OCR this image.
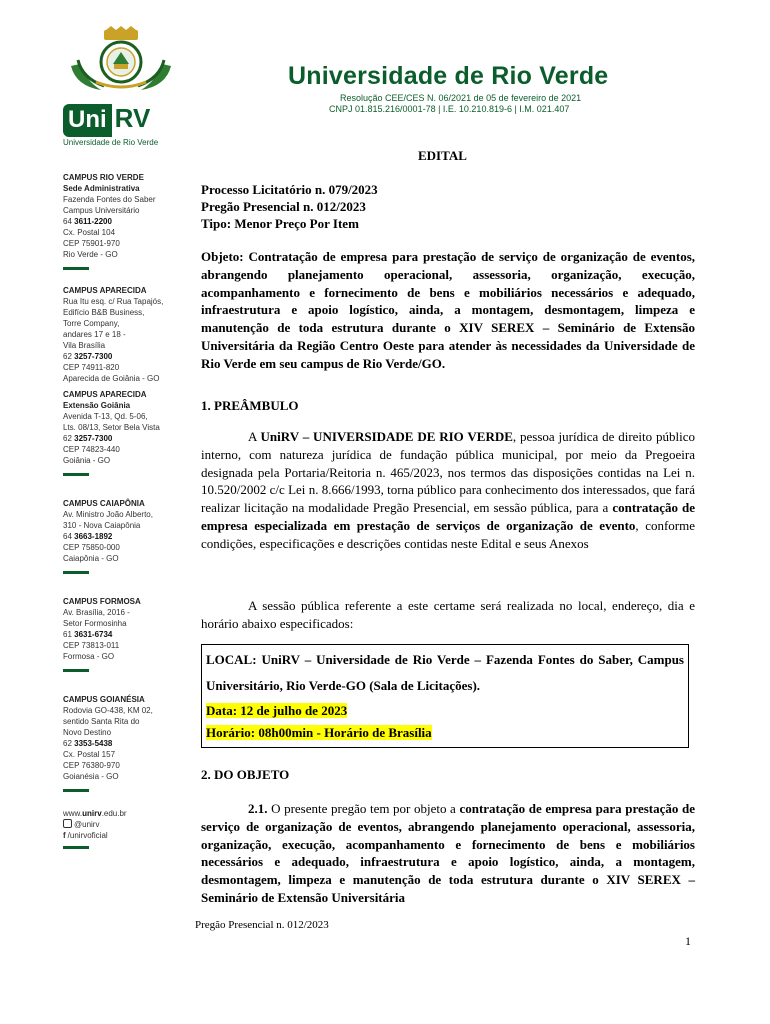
Universidade de Rio Verde
Resolução CEE/CES N. 06/2021 de 05 de fevereiro de 2021
CNPJ 01.815.216/0001-78 | I.E. 10.210.819-6 | I.M. 021.407
Uni RV
Universidade de Rio Verde
CAMPUS RIO VERDE
Sede Administrativa
Fazenda Fontes do Saber
Campus Universitário
64 3611-2200
Cx. Postal 104
CEP 75901-970
Rio Verde - GO
CAMPUS APARECIDA
Rua Itu esq. c/ Rua Tapajós,
Edifício B&B Business,
Torre Company,
andares 17 e 18 -
Vila Brasília
62 3257-7300
CEP 74911-820
Aparecida de Goiânia - GO
CAMPUS APARECIDA
Extensão Goiânia
Avenida T-13, Qd. 5-06,
Lts. 08/13, Setor Bela Vista
62 3257-7300
CEP 74823-440
Goiânia - GO
CAMPUS CAIAPÔNIA
Av. Ministro João Alberto,
310 - Nova Caiapônia
64 3663-1892
CEP 75850-000
Caiapônia - GO
CAMPUS FORMOSA
Av. Brasília, 2016 -
Setor Formosinha
61 3631-6734
CEP 73813-011
Formosa - GO
CAMPUS GOIANÉSIA
Rodovia GO-438, KM 02,
sentido Santa Rita do
Novo Destino
62 3353-5438
Cx. Postal 157
CEP 76380-970
Goianésia - GO
www.unirv.edu.br
@unirv
f /unirvoficial
EDITAL
Processo Licitatório n. 079/2023
Pregão Presencial n. 012/2023
Tipo: Menor Preço Por Item
Objeto: Contratação de empresa para prestação de serviço de organização de eventos, abrangendo planejamento operacional, assessoria, organização, execução, acompanhamento e fornecimento de bens e mobiliários necessários e adequado, infraestrutura e apoio logístico, ainda, a montagem, desmontagem, limpeza e manutenção de toda estrutura durante o XIV SEREX – Seminário de Extensão Universitária da Região Centro Oeste para atender às necessidades da Universidade de Rio Verde em seu campus de Rio Verde/GO.
1. PREÂMBULO
A UniRV – UNIVERSIDADE DE RIO VERDE, pessoa jurídica de direito público interno, com natureza jurídica de fundação pública municipal, por meio da Pregoeira designada pela Portaria/Reitoria n. 465/2023, nos termos das disposições contidas na Lei n. 10.520/2002 c/c Lei n. 8.666/1993, torna público para conhecimento dos interessados, que fará realizar licitação na modalidade Pregão Presencial, em sessão pública, para a contratação de empresa especializada em prestação de serviços de organização de evento, conforme condições, especificações e descrições contidas neste Edital e seus Anexos
A sessão pública referente a este certame será realizada no local, endereço, dia e horário abaixo especificados:
LOCAL: UniRV – Universidade de Rio Verde – Fazenda Fontes do Saber, Campus Universitário, Rio Verde-GO (Sala de Licitações).
Data: 12 de julho de 2023
Horário: 08h00min - Horário de Brasília
2. DO OBJETO
2.1. O presente pregão tem por objeto a contratação de empresa para prestação de serviço de organização de eventos, abrangendo planejamento operacional, assessoria, organização, execução, acompanhamento e fornecimento de bens e mobiliários necessários e adequado, infraestrutura e apoio logístico, ainda, a montagem, desmontagem, limpeza e manutenção de toda estrutura durante o XIV SEREX – Seminário de Extensão Universitária
Pregão Presencial n. 012/2023
1
